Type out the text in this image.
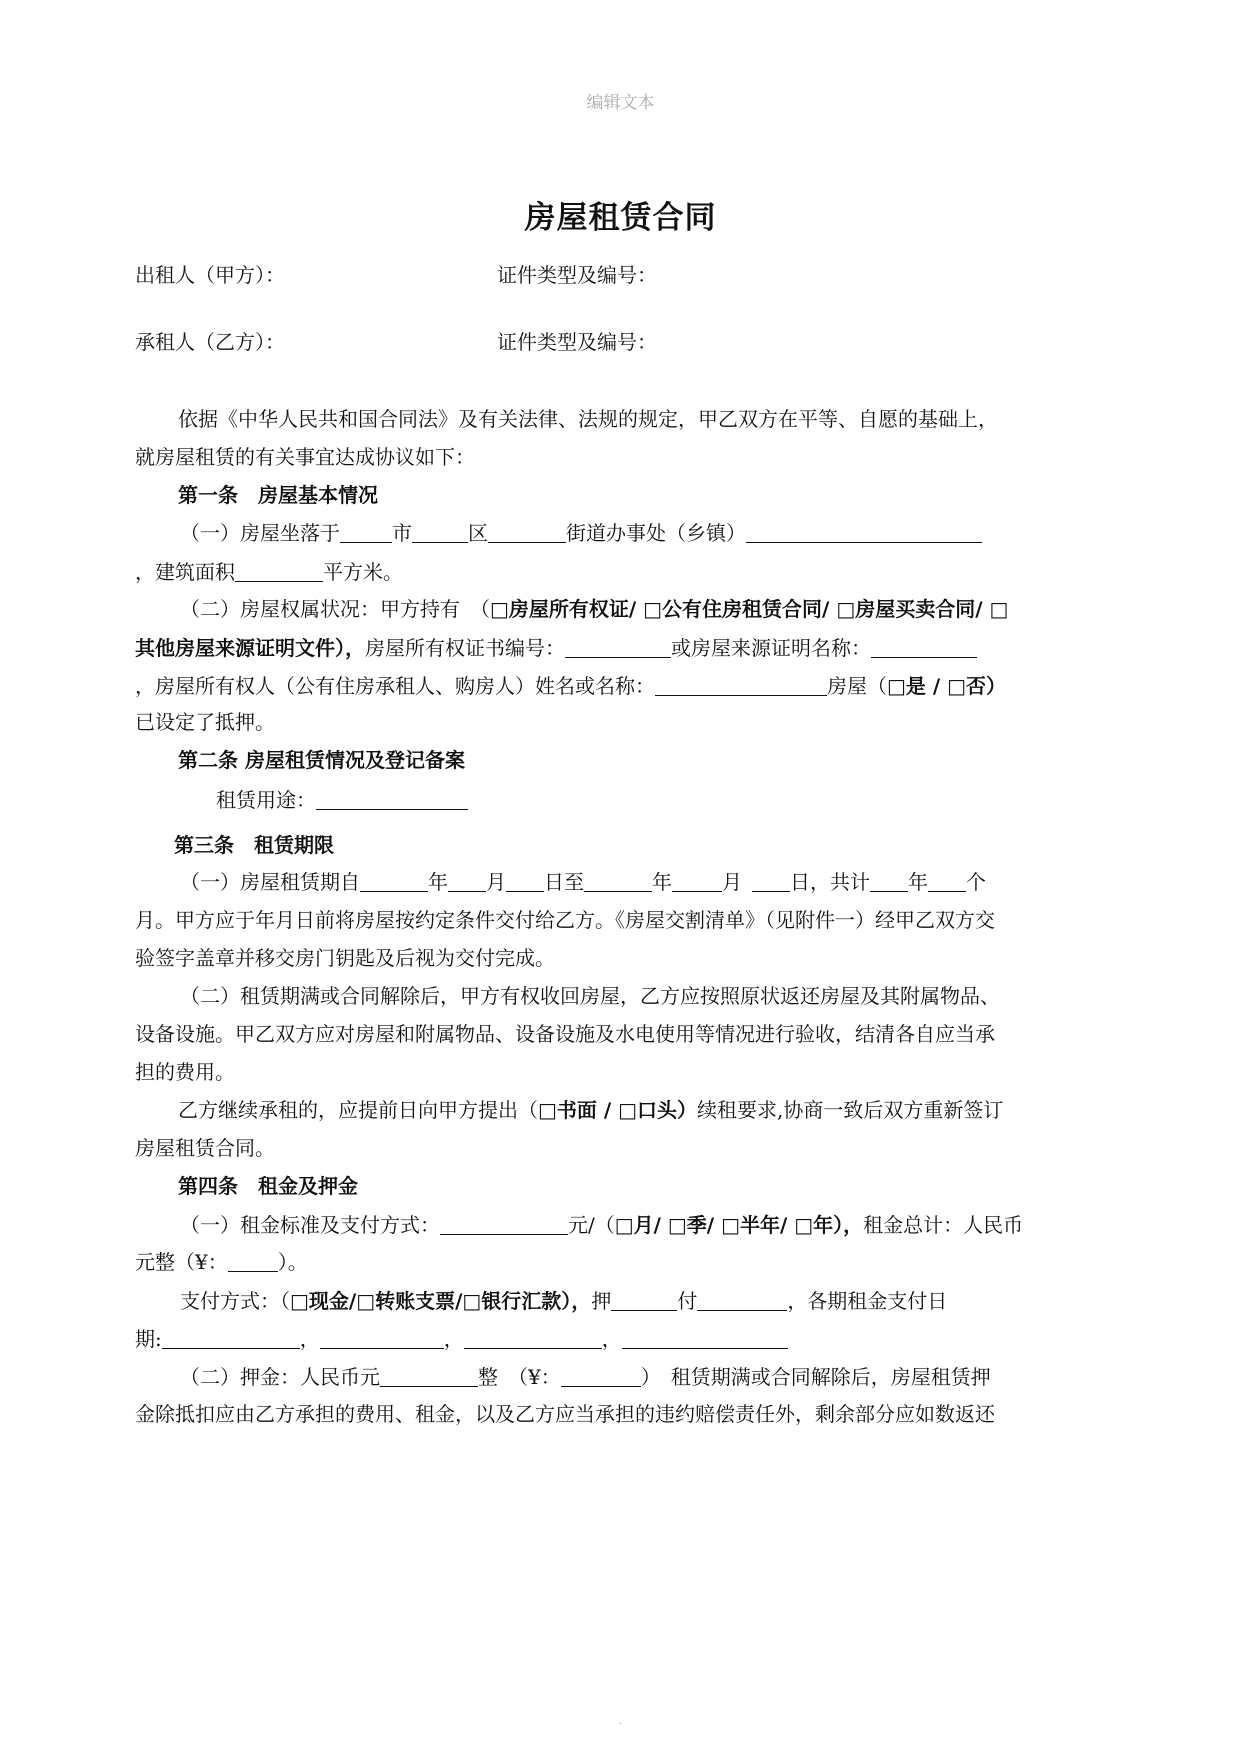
编辑文本
房屋租赁合同
出租人（甲方）：	证件类型及编号：
承租人（乙方）：	证件类型及编号：
依据《中华人民共和国合同法》及有关法律、法规的规定，甲乙双方在平等、自愿的基础上，
就房屋租赁的有关事宜达成协议如下：
第一条　房屋基本情况
（一）房屋坐落于	市	区	街道办事处（乡镇）
，建筑面积	平方米。
（二）房屋权属状况：甲方持有　（□房屋所有权证/ □公有住房租赁合同/ □房屋买卖合同/ □
其他房屋来源证明文件），房屋所有权证书编号：	或房屋来源证明名称：
，房屋所有权人（公有住房承租人、购房人）姓名或名称：	房屋（□是 / □否）
已设定了抵押。
第二条 房屋租赁情况及登记备案
租赁用途：
第三条　租赁期限
（一）房屋租赁期自	年 月 日至	年	月 日，共计 年 个
月。甲方应于年月日前将房屋按约定条件交付给乙方。《房屋交割清单》（见附件一）经甲乙双方交
验签字盖章并移交房门钥匙及后视为交付完成。
（二）租赁期满或合同解除后，甲方有权收回房屋，乙方应按照原状返还房屋及其附属物品、
设备设施。甲乙双方应对房屋和附属物品、设备设施及水电使用等情况进行验收，结清各自应当承
担的费用。
乙方继续承租的，应提前日向甲方提出（□书面 / □口头）续租要求,协商一致后双方重新签订
房屋租赁合同。
第四条　租金及押金
（一）租金标准及支付方式：	元/（□月/ □季/ □半年/ □年），租金总计：人民币
元整（¥：	）。
支付方式：（□现金/□转账支票/□银行汇款），押	付	，各期租金支付日
期:	，	，	，
（二）押金：人民币元	整　（¥：	）　租赁期满或合同解除后，房屋租赁押
金除抵扣应由乙方承担的费用、租金，以及乙方应当承担的违约赔偿责任外，剩余部分应如数返还
.
